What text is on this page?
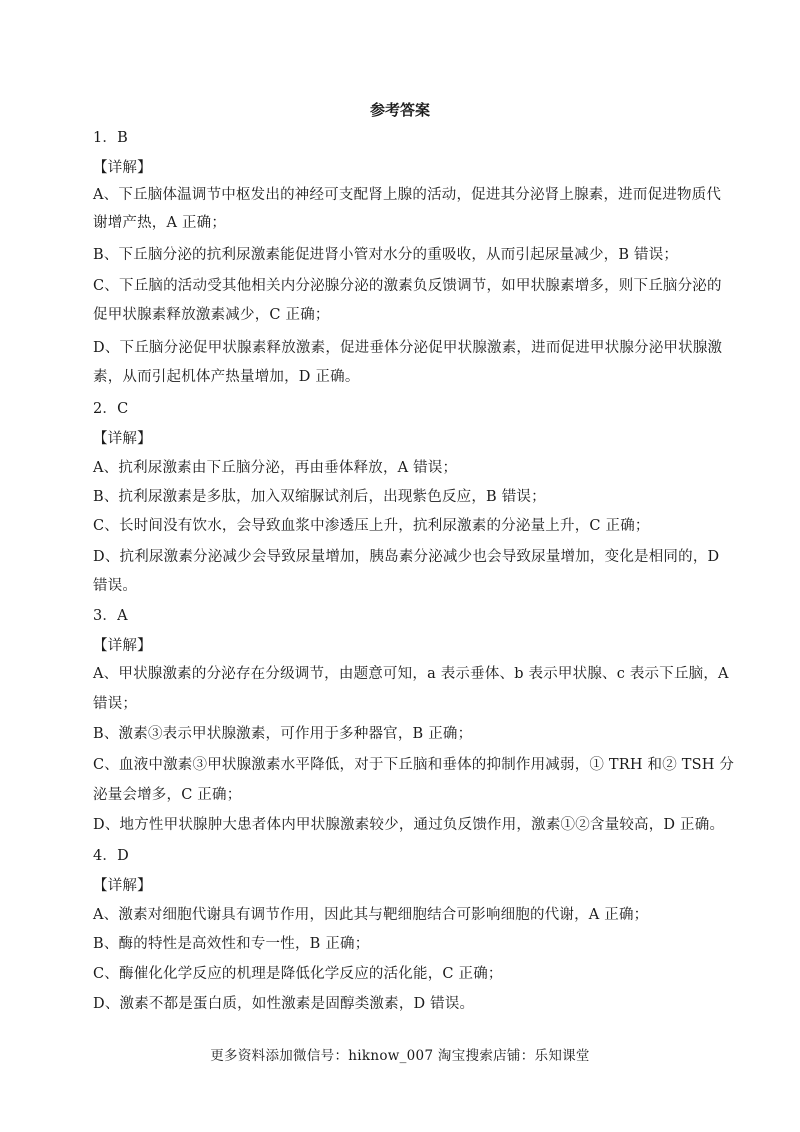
参考答案
1．B
【详解】
A、下丘脑体温调节中枢发出的神经可支配肾上腺的活动，促进其分泌肾上腺素，进而促进物质代
谢增产热，A 正确；
B、下丘脑分泌的抗利尿激素能促进肾小管对水分的重吸收，从而引起尿量减少，B 错误；
C、下丘脑的活动受其他相关内分泌腺分泌的激素负反馈调节，如甲状腺素增多，则下丘脑分泌的
促甲状腺素释放激素减少，C 正确；
D、下丘脑分泌促甲状腺素释放激素，促进垂体分泌促甲状腺激素，进而促进甲状腺分泌甲状腺激
素，从而引起机体产热量增加，D 正确。
2．C
【详解】
A、抗利尿激素由下丘脑分泌，再由垂体释放，A 错误；
B、抗利尿激素是多肽，加入双缩脲试剂后，出现紫色反应，B 错误；
C、长时间没有饮水，会导致血浆中渗透压上升，抗利尿激素的分泌量上升，C 正确；
D、抗利尿激素分泌减少会导致尿量增加，胰岛素分泌减少也会导致尿量增加，变化是相同的，D
错误。
3．A
【详解】
A、甲状腺激素的分泌存在分级调节，由题意可知，a 表示垂体、b 表示甲状腺、c 表示下丘脑，A
错误；
B、激素③表示甲状腺激素，可作用于多种器官，B 正确；
C、血液中激素③甲状腺激素水平降低，对于下丘脑和垂体的抑制作用减弱，① TRH 和② TSH 分
泌量会增多，C 正确；
D、地方性甲状腺肿大患者体内甲状腺激素较少，通过负反馈作用，激素①②含量较高，D 正确。
4．D
【详解】
A、激素对细胞代谢具有调节作用，因此其与靶细胞结合可影响细胞的代谢，A 正确；
B、酶的特性是高效性和专一性，B 正确；
C、酶催化化学反应的机理是降低化学反应的活化能，C 正确；
D、激素不都是蛋白质，如性激素是固醇类激素，D 错误。
更多资料添加微信号：hiknow_007 淘宝搜索店铺：乐知课堂
